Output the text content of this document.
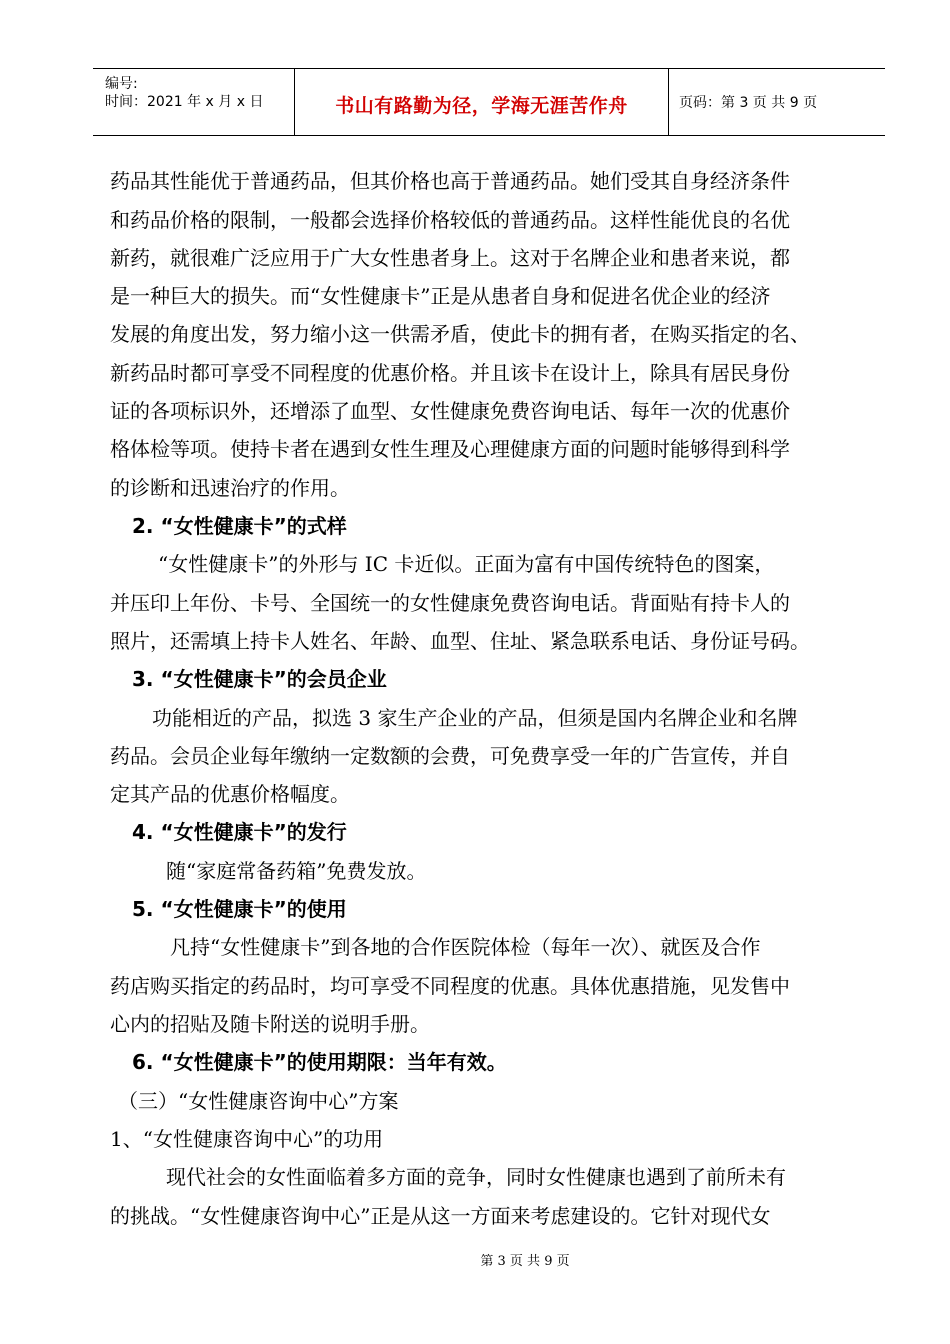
编号:
时间：2021 年 x 月 x 日	书山有路勤为径，学海无涯苦作舟	页码：第 3 页 共 9 页
药品其性能优于普通药品，但其价格也高于普通药品。她们受其自身经济条件
和药品价格的限制，一般都会选择价格较低的普通药品。这样性能优良的名优
新药，就很难广泛应用于广大女性患者身上。这对于名牌企业和患者来说，都
是一种巨大的损失。而“女性健康卡”正是从患者自身和促进名优企业的经济
发展的角度出发，努力缩小这一供需矛盾，使此卡的拥有者，在购买指定的名、
新药品时都可享受不同程度的优惠价格。并且该卡在设计上，除具有居民身份
证的各项标识外，还增添了血型、女性健康免费咨询电话、每年一次的优惠价
格体检等项。使持卡者在遇到女性生理及心理健康方面的问题时能够得到科学
的诊断和迅速治疗的作用。
2. “女性健康卡”的式样
“女性健康卡”的外形与 IC 卡近似。正面为富有中国传统特色的图案，
并压印上年份、卡号、全国统一的女性健康免费咨询电话。背面贴有持卡人的
照片，还需填上持卡人姓名、年龄、血型、住址、紧急联系电话、身份证号码。
3. “女性健康卡”的会员企业
功能相近的产品，拟选 3 家生产企业的产品，但须是国内名牌企业和名牌
药品。会员企业每年缴纳一定数额的会费，可免费享受一年的广告宣传，并自
定其产品的优惠价格幅度。
4. “女性健康卡”的发行
随“家庭常备药箱”免费发放。
5. “女性健康卡”的使用
凡持“女性健康卡”到各地的合作医院体检（每年一次）、就医及合作
药店购买指定的药品时，均可享受不同程度的优惠。具体优惠措施，见发售中
心内的招贴及随卡附送的说明手册。
6. “女性健康卡”的使用期限：当年有效。
（三）“女性健康咨询中心”方案
1、“女性健康咨询中心”的功用
现代社会的女性面临着多方面的竞争，同时女性健康也遇到了前所未有
的挑战。“女性健康咨询中心”正是从这一方面来考虑建设的。它针对现代女
第 3 页 共 9 页
